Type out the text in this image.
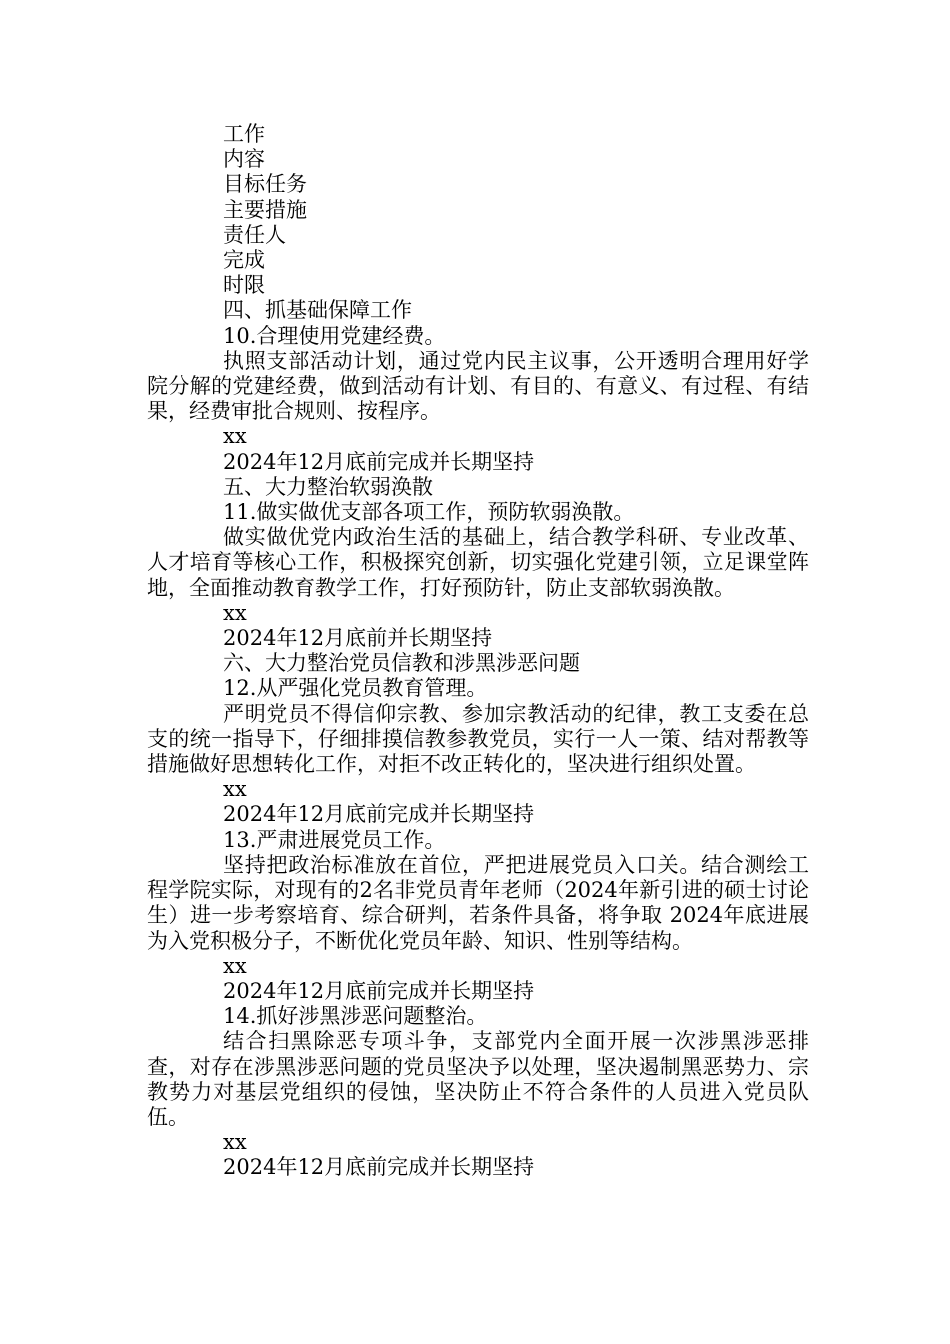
工作

内容

目标任务

主要措施

责任人

完成

时限

四、抓基础保障工作

10.合理使用党建经费。

执照支部活动计划，通过党内民主议事，公开透明合理用好学院分解的党建经费，做到活动有计划、有目的、有意义、有过程、有结果，经费审批合规则、按程序。

xx

2024年12月底前完成并长期坚持

五、大力整治软弱涣散

11.做实做优支部各项工作，预防软弱涣散。

做实做优党内政治生活的基础上，结合教学科研、专业改革、人才培育等核心工作，积极探究创新，切实强化党建引领，立足课堂阵地，全面推动教育教学工作，打好预防针，防止支部软弱涣散。

xx

2024年12月底前并长期坚持

六、大力整治党员信教和涉黑涉恶问题

12.从严强化党员教育管理。

严明党员不得信仰宗教、参加宗教活动的纪律，教工支委在总支的统一指导下，仔细排摸信教参教党员，实行一人一策、结对帮教等措施做好思想转化工作，对拒不改正转化的，坚决进行组织处置。

xx

2024年12月底前完成并长期坚持

13.严肃进展党员工作。

坚持把政治标准放在首位，严把进展党员入口关。结合测绘工程学院实际，对现有的2名非党员青年老师（2024年新引进的硕士讨论生）进一步考察培育、综合研判，若条件具备，将争取 2024年底进展为入党积极分子，不断优化党员年龄、知识、性别等结构。

xx

2024年12月底前完成并长期坚持

14.抓好涉黑涉恶问题整治。

结合扫黑除恶专项斗争，支部党内全面开展一次涉黑涉恶排查，对存在涉黑涉恶问题的党员坚决予以处理，坚决遏制黑恶势力、宗教势力对基层党组织的侵蚀，坚决防止不符合条件的人员进入党员队伍。

xx

2024年12月底前完成并长期坚持
